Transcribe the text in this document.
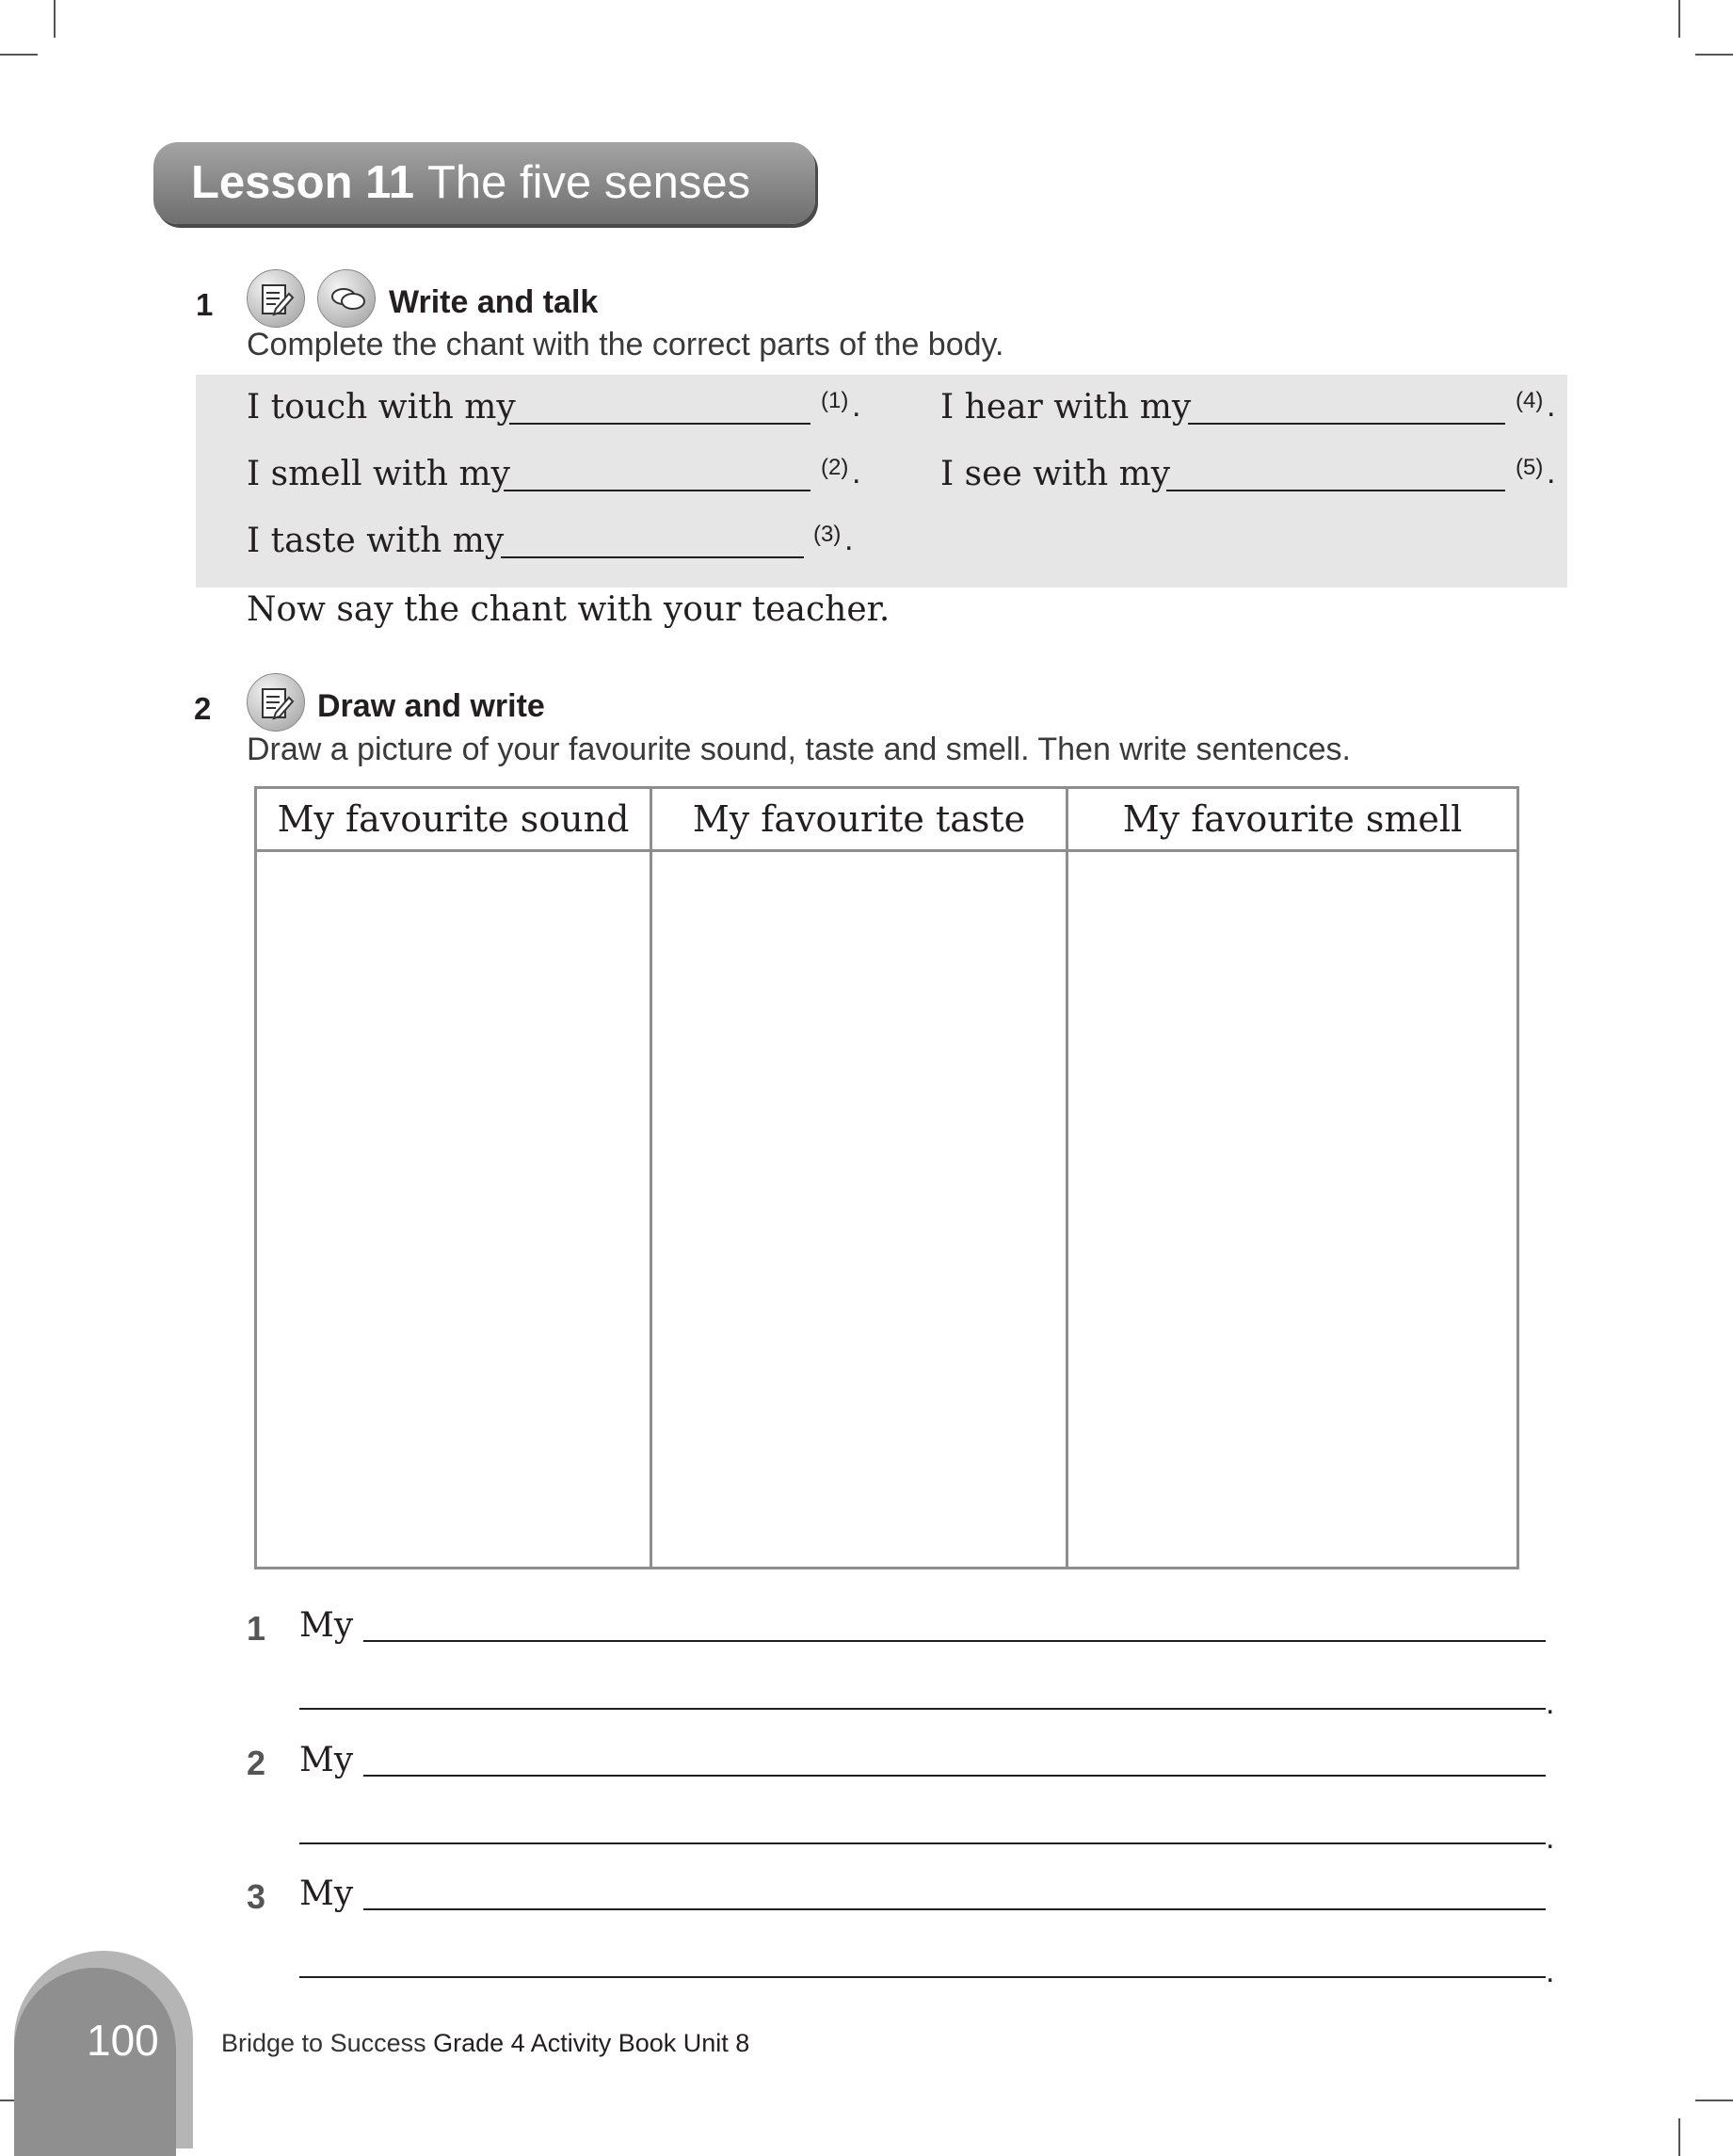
Lesson 11 The five senses
1	Write and talk
Complete the chant with the correct parts of the body.
I touch with my	(1) .
I smell with my	(2) .
I taste with my	(3) .
I hear with my	(4) .
I see with my	(5) .
Now say the chant with your teacher.
2	Draw and write
Draw a picture of your favourite sound, taste and smell. Then write sentences.
My favourite sound	My favourite taste	My favourite smell

1 My
.
2 My
.
3 My
.
100 Bridge to Success Grade 4 Activity Book Unit 8
